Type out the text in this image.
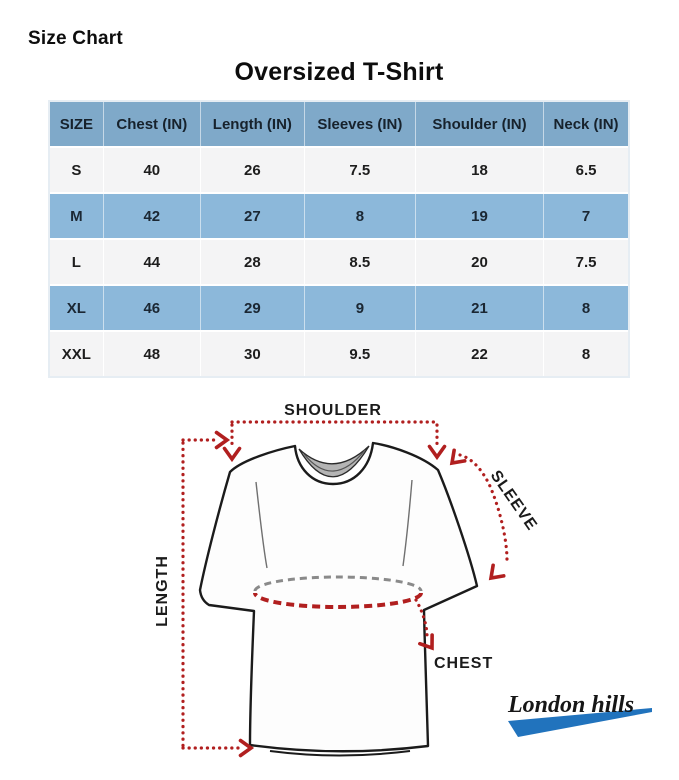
Size Chart
Oversized T-Shirt
SIZE	Chest (IN)	Length (IN)	Sleeves (IN)	Shoulder (IN)	Neck (IN)
S	40	26	7.5	18	6.5
M	42	27	8	19	7
L	44	28	8.5	20	7.5
XL	46	29	9	21	8
XXL	48	30	9.5	22	8
SHOULDER
LENGTH
SLEEVE
CHEST
London hills
